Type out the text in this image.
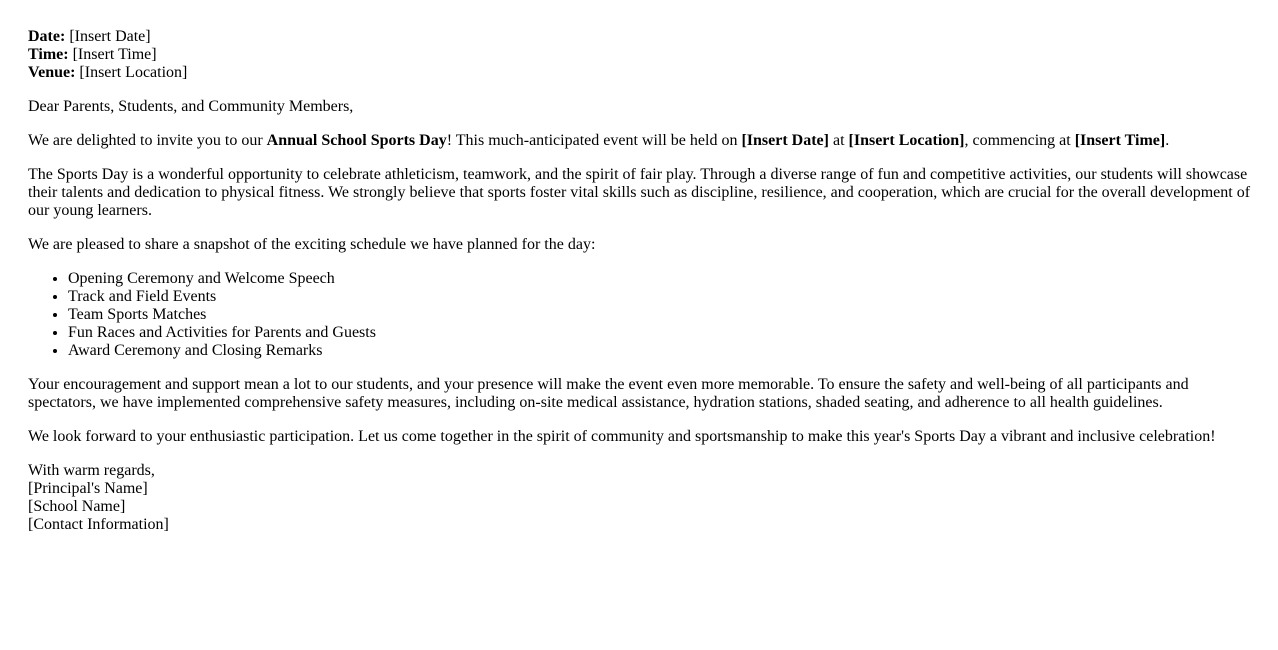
Date: [Insert Date]
Time: [Insert Time]
Venue: [Insert Location]

Dear Parents, Students, and Community Members,

We are delighted to invite you to our Annual School Sports Day! This much-anticipated event will be held on [Insert Date] at [Insert Location], commencing at [Insert Time].

The Sports Day is a wonderful opportunity to celebrate athleticism, teamwork, and the spirit of fair play. Through a diverse range of fun and competitive activities, our students will showcase their talents and dedication to physical fitness. We strongly believe that sports foster vital skills such as discipline, resilience, and cooperation, which are crucial for the overall development of our young learners.

We are pleased to share a snapshot of the exciting schedule we have planned for the day:

• Opening Ceremony and Welcome Speech
• Track and Field Events
• Team Sports Matches
• Fun Races and Activities for Parents and Guests
• Award Ceremony and Closing Remarks

Your encouragement and support mean a lot to our students, and your presence will make the event even more memorable. To ensure the safety and well-being of all participants and spectators, we have implemented comprehensive safety measures, including on-site medical assistance, hydration stations, shaded seating, and adherence to all health guidelines.

We look forward to your enthusiastic participation. Let us come together in the spirit of community and sportsmanship to make this year's Sports Day a vibrant and inclusive celebration!

With warm regards,
[Principal's Name]
[School Name]
[Contact Information]
